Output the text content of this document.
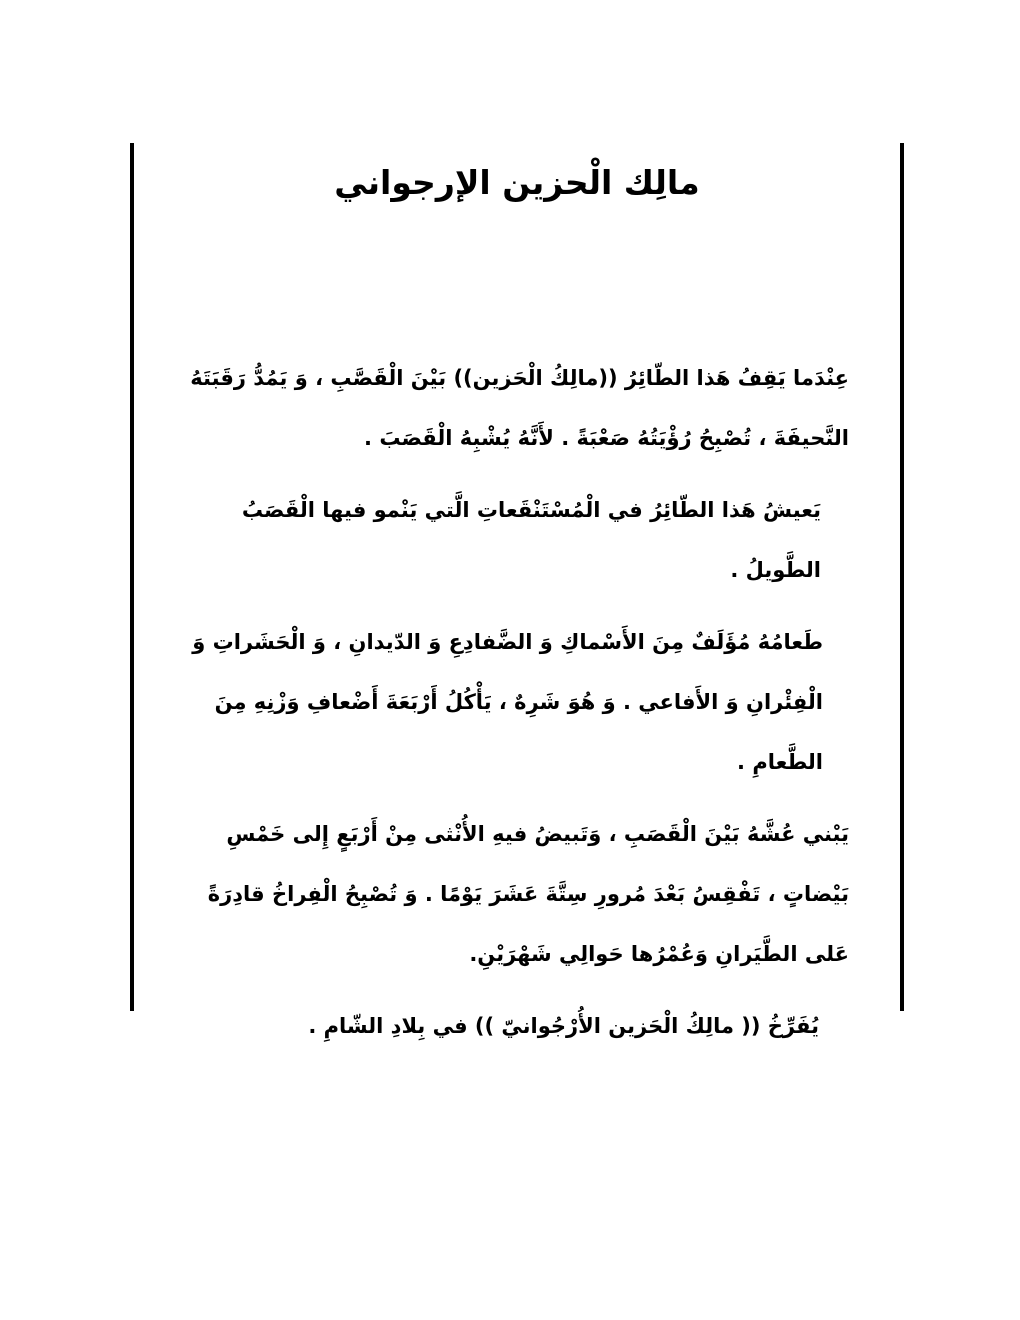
مالِك الْحزين الإرجواني

عِنْدَما يَقِفُ هَذا الطّائِرُ ((مالِكُ الْحَزين)) بَيْنَ الْقَصَّبِ ، وَ يَمُدُّ رَقَبَتَهُ النَّحيفَةَ ، تُصْبِحُ رُؤْيَتُهُ صَعْبَةً . لأَنَّهُ يُشْبِهُ الْقَصَبَ .

يَعيشُ هَذا الطّائِرُ في الْمُسْتَنْقَعاتِ الَّتي يَنْمو فيها الْقَصَبُ الطَّويلُ .

طَعامُهُ مُؤَلَفٌ مِنَ الأَسْماكِ وَ الضَّفادِعِ وَ الدّيدانِ ، وَ الْحَشَراتِ وَ الْفِئْرانِ وَ الأَفاعي . وَ هُوَ شَرِهٌ ، يَأْكُلُ أَرْبَعَةَ أَضْعافِ وَزْنِهِ مِنَ الطَّعامِ .

يَبْني عُشَّهُ بَيْنَ الْقَصَبِ ، وَتَبيضُ فيهِ الأُنْثى مِنْ أَرْبَعٍ إِلى خَمْسِ بَيْضاتٍ ، تَفْقِسُ بَعْدَ مُرورِ سِتَّةَ عَشَرَ يَوْمًا . وَ تُصْبِحُ الْفِراخُ قادِرَةً عَلى الطَّيَرانِ وَعُمْرُها حَوالِي شَهْرَيْنِ.

يُفَرِّخُ (( مالِكُ الْحَزين الأُرْجُوانيّ )) في بِلادِ الشّامِ .
